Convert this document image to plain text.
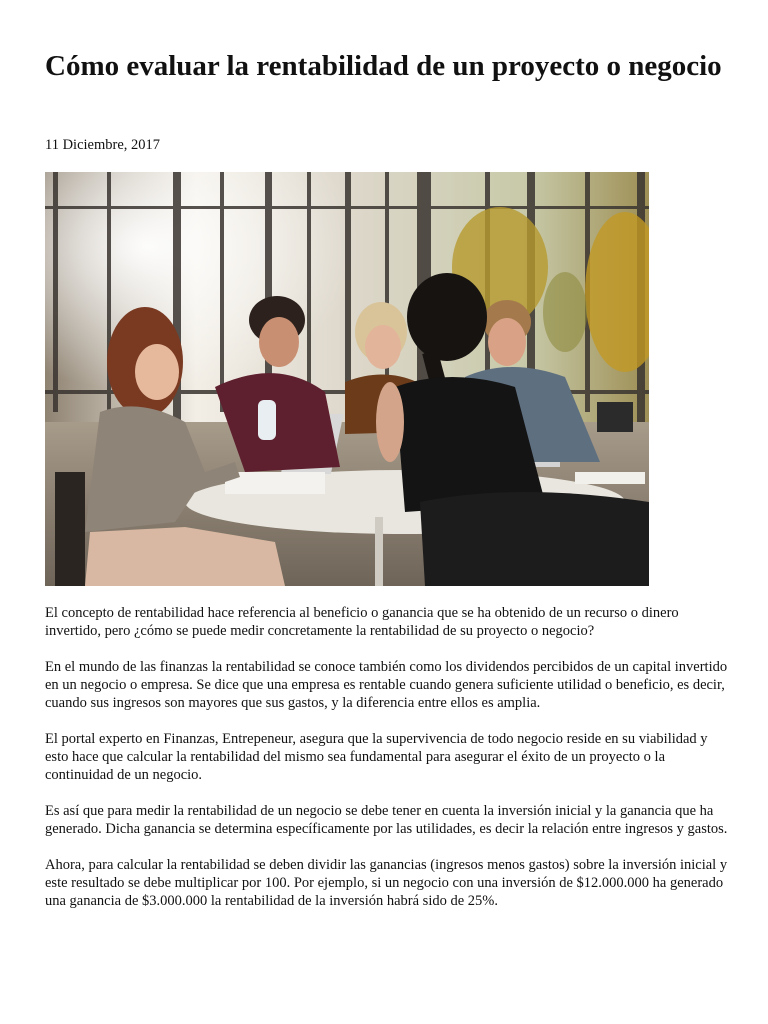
Cómo evaluar la rentabilidad de un proyecto o negocio
11 Diciembre, 2017

El concepto de rentabilidad hace referencia al beneficio o ganancia que se ha obtenido de un recurso o dinero invertido, pero ¿cómo se puede medir concretamente la rentabilidad de su proyecto o negocio?

En el mundo de las finanzas la rentabilidad se conoce también como los dividendos percibidos de un capital invertido en un negocio o empresa. Se dice que una empresa es rentable cuando genera suficiente utilidad o beneficio, es decir, cuando sus ingresos son mayores que sus gastos, y la diferencia entre ellos es amplia.

El portal experto en Finanzas, Entrepeneur, asegura que la supervivencia de todo negocio reside en su viabilidad y esto hace que calcular la rentabilidad del mismo sea fundamental para asegurar el éxito de un proyecto o la continuidad de un negocio.

Es así que para medir la rentabilidad de un negocio se debe tener en cuenta la inversión inicial y la ganancia que ha generado. Dicha ganancia se determina específicamente por las utilidades, es decir la relación entre ingresos y gastos.

Ahora, para calcular la rentabilidad se deben dividir las ganancias (ingresos menos gastos) sobre la inversión inicial y este resultado se debe multiplicar por 100. Por ejemplo, si un negocio con una inversión de $12.000.000 ha generado una ganancia de $3.000.000 la rentabilidad de la inversión habrá sido de 25%.
